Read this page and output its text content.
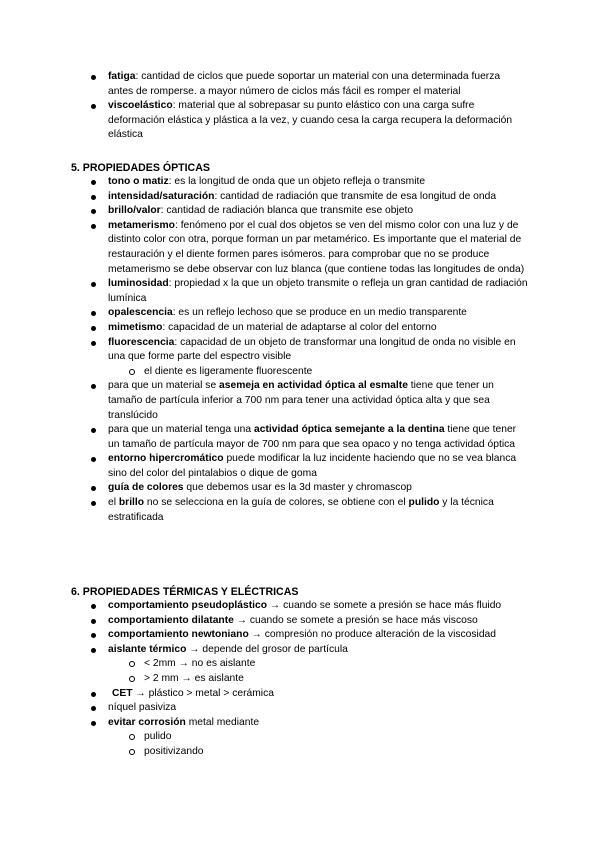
fatiga: cantidad de ciclos que puede soportar un material con una determinada fuerza antes de romperse. a mayor número de ciclos más fácil es romper el material
viscoelástico: material que al sobrepasar su punto elástico con una carga sufre deformación elástica y plástica a la vez, y cuando cesa la carga recupera la deformación elástica
5. PROPIEDADES ÓPTICAS
tono o matiz: es la longitud de onda que un objeto refleja o transmite
intensidad/saturación: cantidad de radiación que transmite de esa longitud de onda
brillo/valor: cantidad de radiación blanca que transmite ese objeto
metamerismo: fenómeno por el cual dos objetos se ven del mismo color con una luz y de distinto color con otra, porque forman un par metamérico. Es importante que el material de restauración y el diente formen pares isómeros. para comprobar que no se produce metamerismo se debe observar con luz blanca (que contiene todas las longitudes de onda)
luminosidad: propiedad x la que un objeto transmite o refleja un gran cantidad de radiación lumínica
opalescencia: es un reflejo lechoso que se produce en un medio transparente
mimetismo: capacidad de un material de adaptarse al color del entorno
fluorescencia: capacidad de un objeto de transformar una longitud de onda no visible en una que forme parte del espectro visible
el diente es ligeramente fluorescente
para que un material se asemeja en actividad óptica al esmalte tiene que tener un tamaño de partícula inferior a 700 nm para tener una actividad óptica alta y que sea translúcido
para que un material tenga una actividad óptica semejante a la dentina tiene que tener un tamaño de partícula mayor de 700 nm para que sea opaco y no tenga actividad óptica
entorno hipercromático puede modificar la luz incidente haciendo que no se vea blanca sino del color del pintalabios o dique de goma
guía de colores que debemos usar es la 3d master y chromascop
el brillo no se selecciona en la guía de colores, se obtiene con el pulido y la técnica estratificada
6. PROPIEDADES TÉRMICAS Y ELÉCTRICAS
comportamiento pseudoplástico → cuando se somete a presión se hace más fluido
comportamiento dilatante → cuando se somete a presión se hace más viscoso
comportamiento newtoniano → compresión no produce alteración de la viscosidad
aislante térmico → depende del grosor de partícula
< 2mm → no es aislante
> 2 mm → es aislante
CET → plástico > metal > cerámica
níquel pasiviza
evitar corrosión metal mediante
pulido
positivizando
